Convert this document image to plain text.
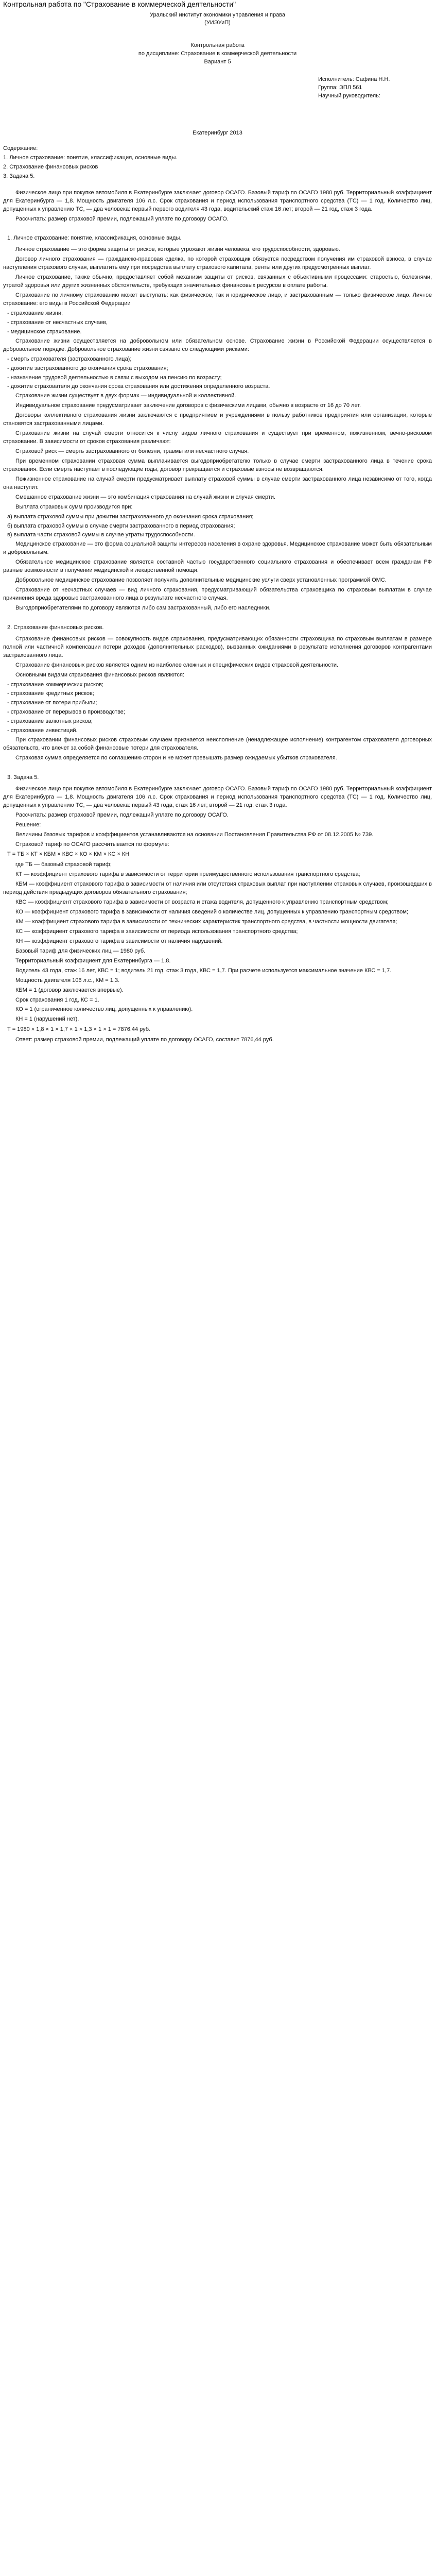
Контрольная работа по "Страхование в коммерческой деятельности"

Уральский институт экономики управления и права

(УИЭУиП)

Контрольная работа

по дисциплине: Страхование в коммерческой деятельности

Вариант 5

Исполнитель: Сафина Н.Н.

Группа: ЭПЛ 561

Научный руководитель:

Екатеринбург 2013

Содержание:

1. Личное страхование: понятие, классификация, основные виды.

2. Страхование финансовых рисков

3. Задача 5.

Физическое лицо при покупке автомобиля в Екатеринбурге заключает договор ОСАГО. Базовый тариф по ОСАГО 1980 руб. Территориальный коэффициент для Екатеринбурга — 1,8. Мощность двигателя 106 л.с. Срок страхования и период использования транспортного средства (ТС) — 1 год. Количество лиц, допущенных к управлению ТС, — два человека: первый первого водителя 43 года, водительский стаж 16 лет; второй — 21 год, стаж 3 года.

Рассчитать: размер страховой премии, подлежащий уплате по договору ОСАГО.

1. Личное страхование: понятие, классификация, основные виды.

Личное страхование — это форма защиты от рисков, которые угрожают жизни человека, его трудоспособности, здоровью.

Договор личного страхования — гражданско-правовая сделка, по которой страховщик обязуется посредством получения им страховой взноса, в случае наступления страхового случая, выплатить ему при посредства выплату страхового капитала, ренты или других предусмотренных выплат.

Личное страхование, также обычно, предоставляет собой механизм защиты от рисков, связанных с объективными процессами: старостью, болезнями, утратой здоровья или других жизненных обстоятельств, требующих значительных финансовых ресурсов в оплате работы.

Страхование по личному страхованию может выступать: как физическое, так и юридическое лицо, и застрахованным — только физическое лицо. Личное страхование: его виды в Российской Федерации

- страхование жизни;

- страхование от несчастных случаев,

- медицинское страхование.

Страхование жизни осуществляется на добровольном или обязательном основе. Страхование жизни в Российской Федерации осуществляется в добровольном порядке. Добровольное страхование жизни связано со следующими рисками:

- смерть страхователя (застрахованного лица);

- дожитие застрахованного до окончания срока страхования;

- назначение трудовой деятельностью в связи с выходом на пенсию по возрасту;

- дожитие страхователя до окончания срока страхования или достижения определенного возраста.

Страхование жизни существует в двух формах — индивидуальной и коллективной.

Индивидуальное страхование предусматривает заключение договоров с физическими лицами, обычно в возрасте от 16 до 70 лет.

Договоры коллективного страхования жизни заключаются с предприятием и учреждениями в пользу работников предприятия или организации, которые становятся застрахованными лицами.

Страхование жизни на случай смерти относится к числу видов личного страхования и существует при временном, пожизненном, вечно-рисковом страховании. В зависимости от сроков страхования различают:

Страховой риск — смерть застрахованного от болезни, травмы или несчастного случая.

При временном страховании страховая сумма выплачивается выгодоприобретателю только в случае смерти застрахованного лица в течение срока страхования. Если смерть наступает в последующие годы, договор прекращается и страховые взносы не возвращаются.

Пожизненное страхование на случай смерти предусматривает выплату страховой суммы в случае смерти застрахованного лица независимо от того, когда она наступит.

Смешанное страхование жизни — это комбинация страхования на случай жизни и случая смерти.

Выплата страховых сумм производится при:

а) выплата страховой суммы при дожитии застрахованного до окончания срока страхования;

б) выплата страховой суммы в случае смерти застрахованного в период страхования;

в) выплата части страховой суммы в случае утраты трудоспособности.

Медицинское страхование — это форма социальной защиты интересов населения в охране здоровья. Медицинское страхование может быть обязательным и добровольным.

Обязательное медицинское страхование является составной частью государственного социального страхования и обеспечивает всем гражданам РФ равные возможности в получении медицинской и лекарственной помощи.

Добровольное медицинское страхование позволяет получить дополнительные медицинские услуги сверх установленных программой ОМС.

Страхование от несчастных случаев — вид личного страхования, предусматривающий обязательства страховщика по страховым выплатам в случае причинения вреда здоровью застрахованного лица в результате несчастного случая.

Выгодоприобретателями по договору являются либо сам застрахованный, либо его наследники.

2. Страхование финансовых рисков.

Страхование финансовых рисков — совокупность видов страхования, предусматривающих обязанности страховщика по страховым выплатам в размере полной или частичной компенсации потери доходов (дополнительных расходов), вызванных ожиданиями в результате исполнения договоров контрагентами застрахованного лица.

Страхование финансовых рисков является одним из наиболее сложных и специфических видов страховой деятельности.

Основными видами страхования финансовых рисков являются:

- страхование коммерческих рисков;

- страхование кредитных рисков;

- страхование от потери прибыли;

- страхование от перерывов в производстве;

- страхование валютных рисков;

- страхование инвестиций.

При страховании финансовых рисков страховым случаем признается неисполнение (ненадлежащее исполнение) контрагентом страхователя договорных обязательств, что влечет за собой финансовые потери для страхователя.

Страховая сумма определяется по соглашению сторон и не может превышать размер ожидаемых убытков страхователя.

3. Задача 5.

Физическое лицо при покупке автомобиля в Екатеринбурге заключает договор ОСАГО. Базовый тариф по ОСАГО 1980 руб. Территориальный коэффициент для Екатеринбурга — 1,8. Мощность двигателя 106 л.с. Срок страхования и период использования транспортного средства (ТС) — 1 год. Количество лиц, допущенных к управлению ТС, — два человека: первый 43 года, стаж 16 лет; второй — 21 год, стаж 3 года.

Рассчитать: размер страховой премии, подлежащий уплате по договору ОСАГО.

Решение:

Величины базовых тарифов и коэффициентов устанавливаются на основании Постановления Правительства РФ от 08.12.2005 № 739.

Страховой тариф по ОСАГО рассчитывается по формуле:

Т = ТБ × КТ × КБМ × КВС × КО × КМ × КС × КН

где ТБ — базовый страховой тариф;

КТ — коэффициент страхового тарифа в зависимости от территории преимущественного использования транспортного средства;

КБМ — коэффициент страхового тарифа в зависимости от наличия или отсутствия страховых выплат при наступлении страховых случаев, произошедших в период действия предыдущих договоров обязательного страхования;

КВС — коэффициент страхового тарифа в зависимости от возраста и стажа водителя, допущенного к управлению транспортным средством;

КО — коэффициент страхового тарифа в зависимости от наличия сведений о количестве лиц, допущенных к управлению транспортным средством;

КМ — коэффициент страхового тарифа в зависимости от технических характеристик транспортного средства, в частности мощности двигателя;

КС — коэффициент страхового тарифа в зависимости от периода использования транспортного средства;

КН — коэффициент страхового тарифа в зависимости от наличия нарушений.

Базовый тариф для физических лиц — 1980 руб.

Территориальный коэффициент для Екатеринбурга — 1,8.

Водитель 43 года, стаж 16 лет, КВС = 1; водитель 21 год, стаж 3 года, КВС = 1,7. При расчете используется максимальное значение КВС = 1,7.

Мощность двигателя 106 л.с., КМ = 1,3.

КБМ = 1 (договор заключается впервые).

Срок страхования 1 год, КС = 1.

КО = 1 (ограниченное количество лиц, допущенных к управлению).

КН = 1 (нарушений нет).

Т = 1980 × 1,8 × 1 × 1,7 × 1 × 1,3 × 1 × 1 = 7876,44 руб.

Ответ: размер страховой премии, подлежащий уплате по договору ОСАГО, составит 7876,44 руб.
